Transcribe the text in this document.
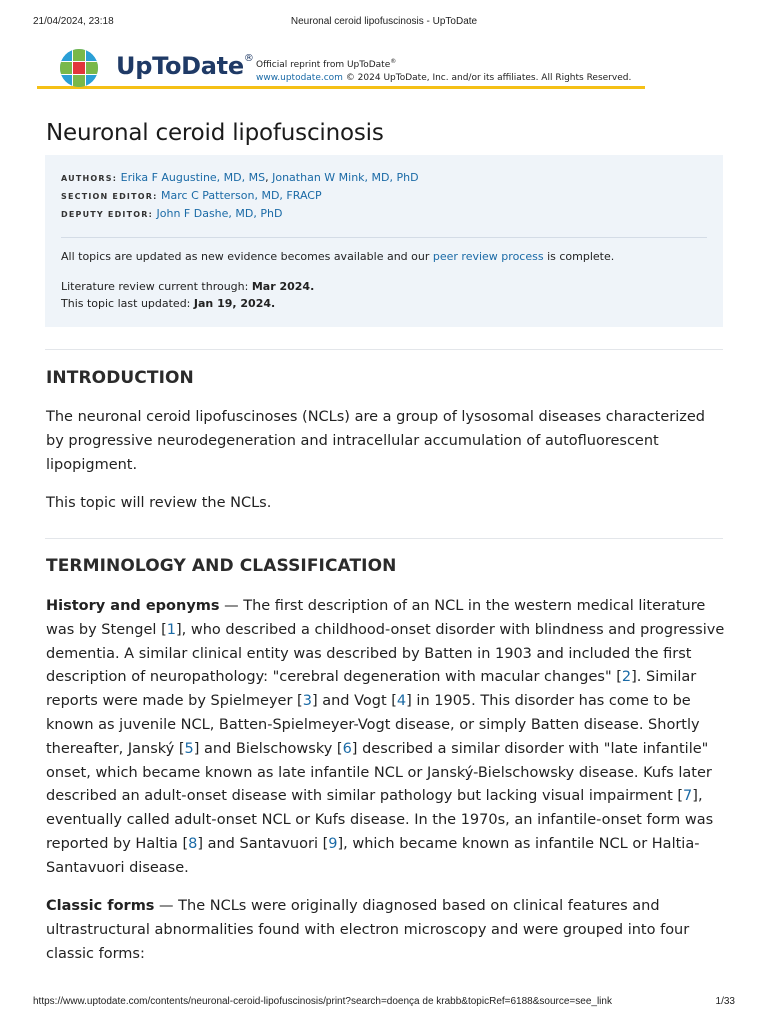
21/04/2024, 23:18	Neuronal ceroid lipofuscinosis - UpToDate
UpToDate®
Official reprint from UpToDate®
www.uptodate.com © 2024 UpToDate, Inc. and/or its affiliates. All Rights Reserved.
Neuronal ceroid lipofuscinosis
AUTHORS: Erika F Augustine, MD, MS, Jonathan W Mink, MD, PhD
SECTION EDITOR: Marc C Patterson, MD, FRACP
DEPUTY EDITOR: John F Dashe, MD, PhD
All topics are updated as new evidence becomes available and our peer review process is complete.
Literature review current through: Mar 2024.
This topic last updated: Jan 19, 2024.
INTRODUCTION

The neuronal ceroid lipofuscinoses (NCLs) are a group of lysosomal diseases characterized by progressive neurodegeneration and intracellular accumulation of autofluorescent lipopigment.

This topic will review the NCLs.

TERMINOLOGY AND CLASSIFICATION

History and eponyms — The first description of an NCL in the western medical literature was by Stengel [1], who described a childhood-onset disorder with blindness and progressive dementia. A similar clinical entity was described by Batten in 1903 and included the first description of neuropathology: "cerebral degeneration with macular changes" [2]. Similar reports were made by Spielmeyer [3] and Vogt [4] in 1905. This disorder has come to be known as juvenile NCL, Batten-Spielmeyer-Vogt disease, or simply Batten disease. Shortly thereafter, Janský [5] and Bielschowsky [6] described a similar disorder with "late infantile" onset, which became known as late infantile NCL or Janský-Bielschowsky disease. Kufs later described an adult-onset disease with similar pathology but lacking visual impairment [7], eventually called adult-onset NCL or Kufs disease. In the 1970s, an infantile-onset form was reported by Haltia [8] and Santavuori [9], which became known as infantile NCL or Haltia-Santavuori disease.

Classic forms — The NCLs were originally diagnosed based on clinical features and ultrastructural abnormalities found with electron microscopy and were grouped into four classic forms:

https://www.uptodate.com/contents/neuronal-ceroid-lipofuscinosis/print?search=doença de krabb&topicRef=6188&source=see_link	1/33
